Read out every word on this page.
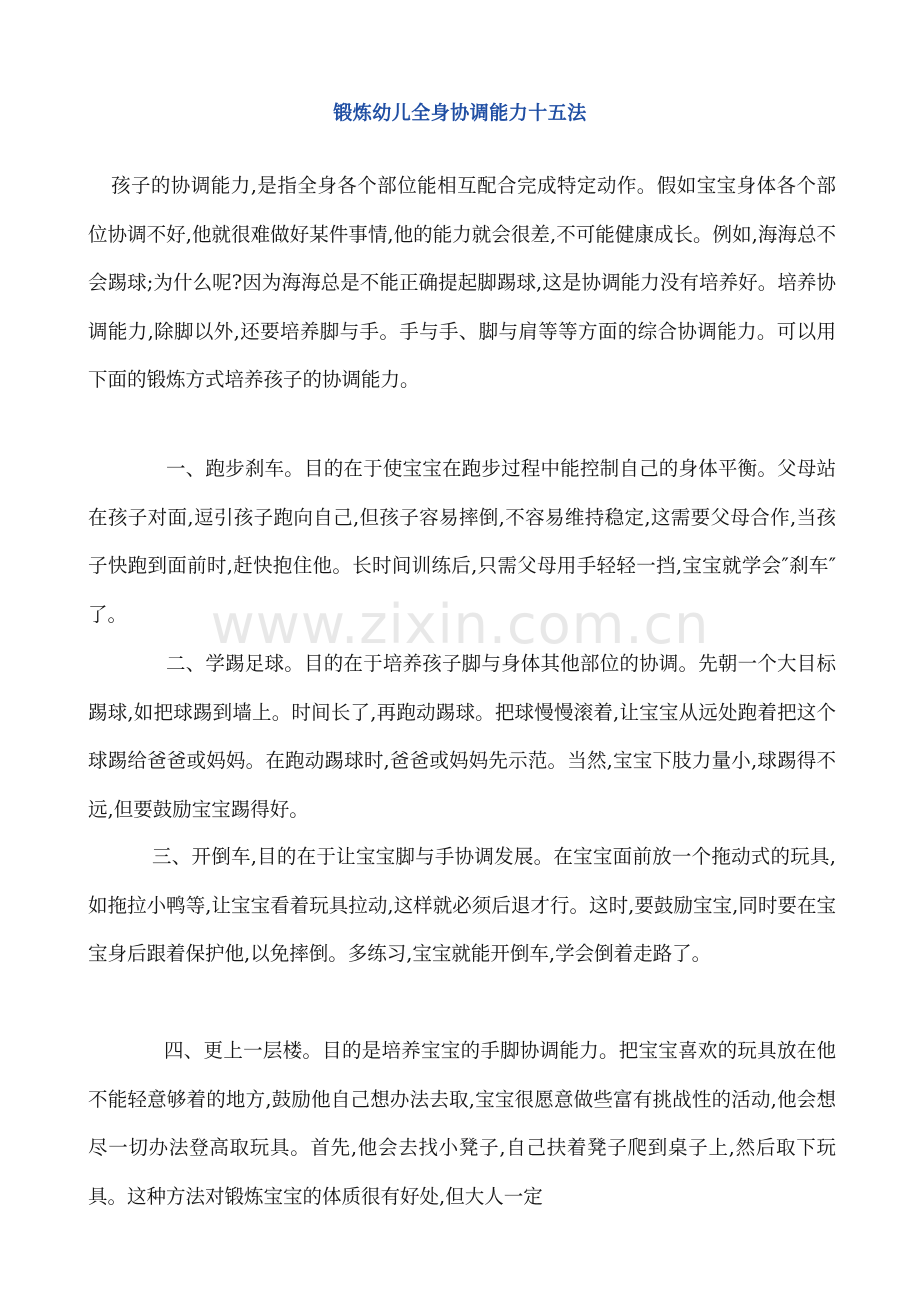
锻炼幼儿全身协调能力十五法
孩子的协调能力,是指全身各个部位能相互配合完成特定动作。假如宝宝身体各个部位协调不好,他就很难做好某件事情,他的能力就会很差,不可能健康成长。例如,海海总不会踢球;为什么呢?因为海海总是不能正确提起脚踢球,这是协调能力没有培养好。培养协调能力,除脚以外,还要培养脚与手。手与手、脚与肩等等方面的综合协调能力。可以用下面的锻炼方式培养孩子的协调能力。
一、跑步刹车。目的在于使宝宝在跑步过程中能控制自己的身体平衡。父母站在孩子对面,逗引孩子跑向自己,但孩子容易摔倒,不容易维持稳定,这需要父母合作,当孩子快跑到面前时,赶快抱住他。长时间训练后,只需父母用手轻轻一挡,宝宝就学会″刹车″了。
二、学踢足球。目的在于培养孩子脚与身体其他部位的协调。先朝一个大目标踢球,如把球踢到墙上。时间长了,再跑动踢球。把球慢慢滚着,让宝宝从远处跑着把这个球踢给爸爸或妈妈。在跑动踢球时,爸爸或妈妈先示范。当然,宝宝下肢力量小,球踢得不远,但要鼓励宝宝踢得好。
三、开倒车,目的在于让宝宝脚与手协调发展。在宝宝面前放一个拖动式的玩具,如拖拉小鸭等,让宝宝看着玩具拉动,这样就必须后退才行。这时,要鼓励宝宝,同时要在宝宝身后跟着保护他,以免摔倒。多练习,宝宝就能开倒车,学会倒着走路了。
四、更上一层楼。目的是培养宝宝的手脚协调能力。把宝宝喜欢的玩具放在他不能轻意够着的地方,鼓励他自己想办法去取,宝宝很愿意做些富有挑战性的活动,他会想尽一切办法登高取玩具。首先,他会去找小凳子,自己扶着凳子爬到桌子上,然后取下玩具。这种方法对锻炼宝宝的体质很有好处,但大人一定
www.zixin.com.cn
